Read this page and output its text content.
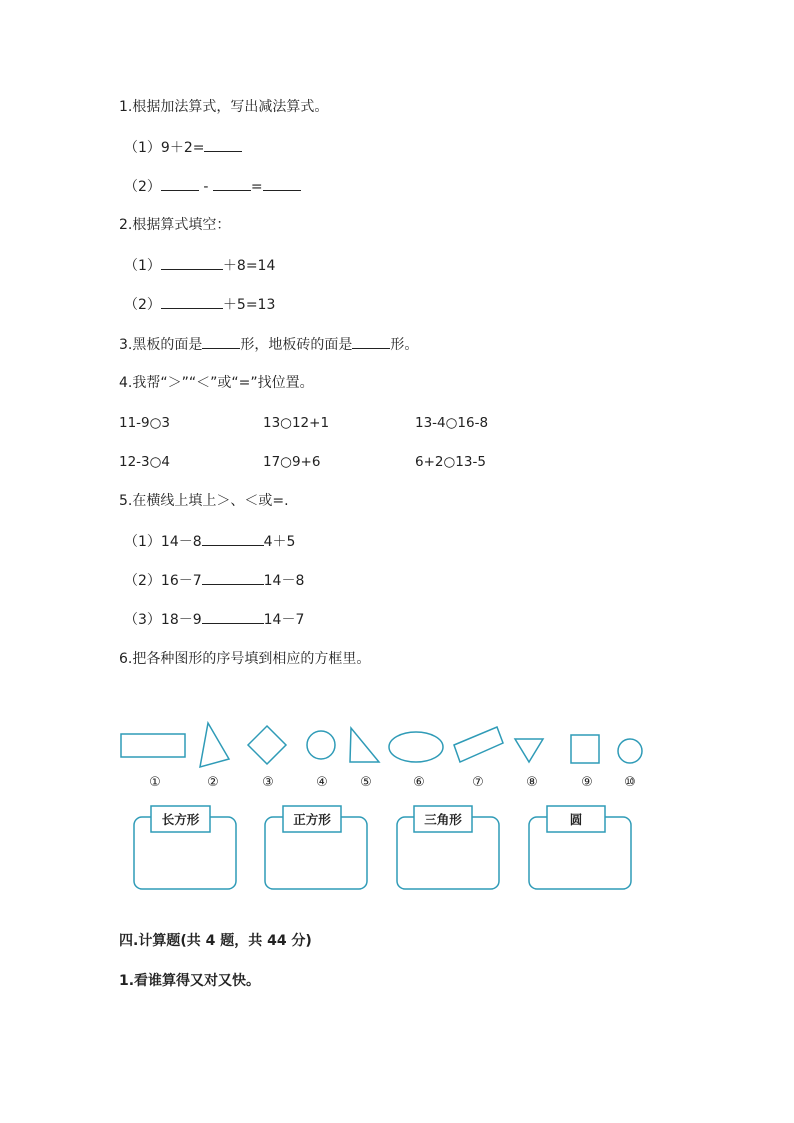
1.根据加法算式，写出减法算式。
（1）9＋2=
（2）	-	=
2.根据算式填空：
（1）	＋8=14
（2）	＋5=13
3.黑板的面是	形，地板砖的面是	形。
4.我帮“＞”“＜”或“=”找位置。
11-9○3	13○12+1	13-4○16-8
12-3○4	17○9+6	6+2○13-5
5.在横线上填上＞、＜或=.
（1）14－8	4＋5
（2）16－7	14－8
（3）18－9	14－7
6.把各种图形的序号填到相应的方框里。
①	②	③	④ ⑤	⑥	⑦	⑧	⑨ ⑩
长方形	正方形	三角形	圆
四.计算题(共 4 题，共 44 分)
1.看谁算得又对又快。
